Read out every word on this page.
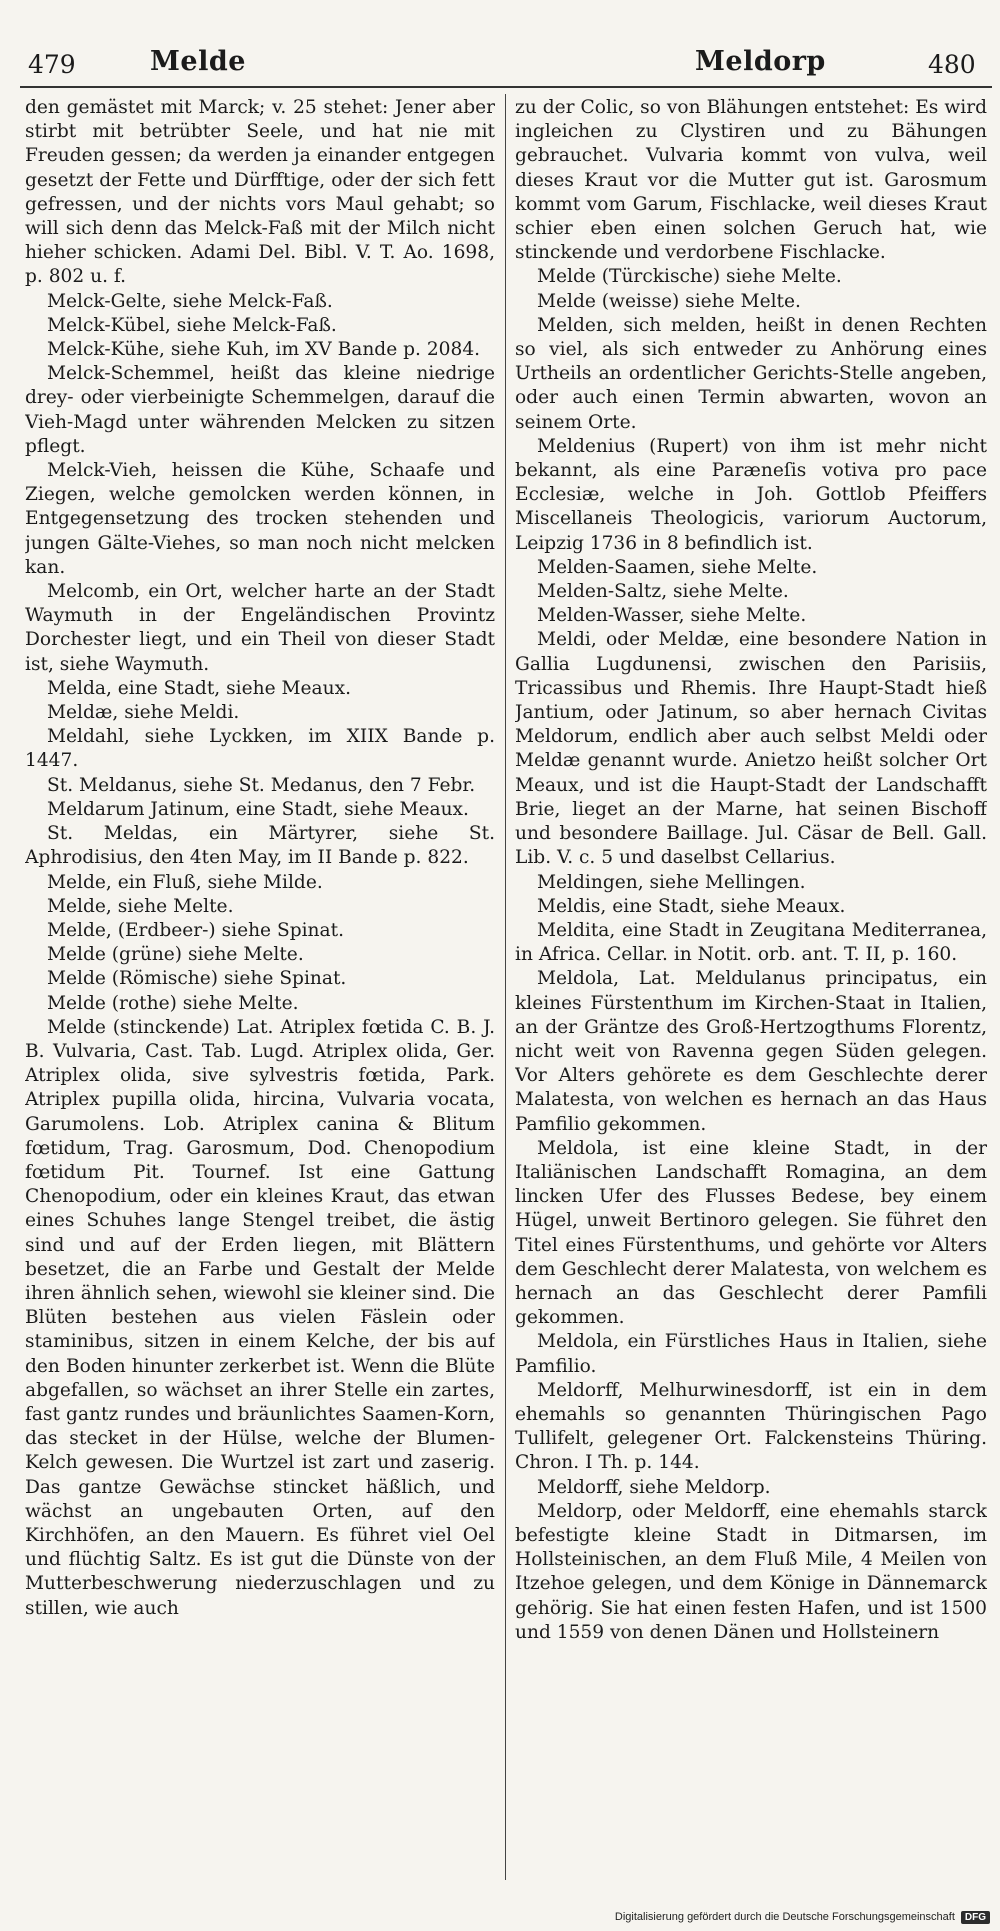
479	Melde	Meldorp	480

den gemästet mit Marck; v. 25 stehet: Jener aber stirbt mit betrübter Seele, und hat nie mit Freuden gessen; da werden ja einander entgegen gesetzt der Fette und Dürfftige, oder der sich fett gefressen, und der nichts vors Maul gehabt; so will sich denn das Melck-Faß mit der Milch nicht hieher schicken. Adami Del. Bibl. V. T. Ao. 1698, p. 802 u. f.

Melck-Gelte, siehe Melck-Faß.

Melck-Kübel, siehe Melck-Faß.

Melck-Kühe, siehe Kuh, im XV Bande p. 2084.

Melck-Schemmel, heißt das kleine niedrige drey- oder vierbeinigte Schemmelgen, darauf die Vieh-Magd unter währenden Melcken zu sitzen pflegt.

Melck-Vieh, heissen die Kühe, Schaafe und Ziegen, welche gemolcken werden können, in Entgegensetzung des trocken stehenden und jungen Gälte-Viehes, so man noch nicht melcken kan.

Melcomb, ein Ort, welcher harte an der Stadt Waymuth in der Engeländischen Provintz Dorchester liegt, und ein Theil von dieser Stadt ist, siehe Waymuth.

Melda, eine Stadt, siehe Meaux.

Meldæ, siehe Meldi.

Meldahl, siehe Lyckken, im XIIX Bande p. 1447.

St. Meldanus, siehe St. Medanus, den 7 Febr.

Meldarum Jatinum, eine Stadt, siehe Meaux.

St. Meldas, ein Märtyrer, siehe St. Aphrodisius, den 4ten May, im II Bande p. 822.

Melde, ein Fluß, siehe Milde.

Melde, siehe Melte.

Melde, (Erdbeer-) siehe Spinat.

Melde (grüne) siehe Melte.

Melde (Römische) siehe Spinat.

Melde (rothe) siehe Melte.

Melde (stinckende) Lat. Atriplex fœtida C. B. J. B. Vulvaria, Cast. Tab. Lugd. Atriplex olida, Ger. Atriplex olida, sive sylvestris fœtida, Park. Atriplex pupilla olida, hircina, Vulvaria vocata, Garumolens. Lob. Atriplex canina & Blitum fœtidum, Trag. Garosmum, Dod. Chenopodium fœtidum Pit. Tournef. Ist eine Gattung Chenopodium, oder ein kleines Kraut, das etwan eines Schuhes lange Stengel treibet, die ästig sind und auf der Erden liegen, mit Blättern besetzet, die an Farbe und Gestalt der Melde ihren ähnlich sehen, wiewohl sie kleiner sind. Die Blüten bestehen aus vielen Fäslein oder staminibus, sitzen in einem Kelche, der bis auf den Boden hinunter zerkerbet ist. Wenn die Blüte abgefallen, so wächset an ihrer Stelle ein zartes, fast gantz rundes und bräunlichtes Saamen-Korn, das stecket in der Hülse, welche der Blumen-Kelch gewesen. Die Wurtzel ist zart und zaserig. Das gantze Gewächse stincket häßlich, und wächst an ungebauten Orten, auf den Kirchhöfen, an den Mauern. Es führet viel Oel und flüchtig Saltz. Es ist gut die Dünste von der Mutterbeschwerung niederzuschlagen und zu stillen, wie auch

zu der Colic, so von Blähungen entstehet: Es wird ingleichen zu Clystiren und zu Bähungen gebrauchet. Vulvaria kommt von vulva, weil dieses Kraut vor die Mutter gut ist. Garosmum kommt vom Garum, Fischlacke, weil dieses Kraut schier eben einen solchen Geruch hat, wie stinckende und verdorbene Fischlacke.

Melde (Türckische) siehe Melte.

Melde (weisse) siehe Melte.

Melden, sich melden, heißt in denen Rechten so viel, als sich entweder zu Anhörung eines Urtheils an ordentlicher Gerichts-Stelle angeben, oder auch einen Termin abwarten, wovon an seinem Orte.

Meldenius (Rupert) von ihm ist mehr nicht bekannt, als eine Paræneſis votiva pro pace Ecclesiæ, welche in Joh. Gottlob Pfeiffers Miscellaneis Theologicis, variorum Auctorum, Leipzig 1736 in 8 befindlich ist.

Melden-Saamen, siehe Melte.

Melden-Saltz, siehe Melte.

Melden-Wasser, siehe Melte.

Meldi, oder Meldæ, eine besondere Nation in Gallia Lugdunensi, zwischen den Parisiis, Tricassibus und Rhemis. Ihre Haupt-Stadt hieß Jantium, oder Jatinum, so aber hernach Civitas Meldorum, endlich aber auch selbst Meldi oder Meldæ genannt wurde. Anietzo heißt solcher Ort Meaux, und ist die Haupt-Stadt der Landschafft Brie, lieget an der Marne, hat seinen Bischoff und besondere Baillage. Jul. Cäsar de Bell. Gall. Lib. V. c. 5 und daselbst Cellarius.

Meldingen, siehe Mellingen.

Meldis, eine Stadt, siehe Meaux.

Meldita, eine Stadt in Zeugitana Mediterranea, in Africa. Cellar. in Notit. orb. ant. T. II, p. 160.

Meldola, Lat. Meldulanus principatus, ein kleines Fürstenthum im Kirchen-Staat in Italien, an der Gräntze des Groß-Hertzogthums Florentz, nicht weit von Ravenna gegen Süden gelegen. Vor Alters gehörete es dem Geschlechte derer Malatesta, von welchen es hernach an das Haus Pamfilio gekommen.

Meldola, ist eine kleine Stadt, in der Italiänischen Landschafft Romagina, an dem lincken Ufer des Flusses Bedese, bey einem Hügel, unweit Bertinoro gelegen. Sie führet den Titel eines Fürstenthums, und gehörte vor Alters dem Geschlecht derer Malatesta, von welchem es hernach an das Geschlecht derer Pamfili gekommen.

Meldola, ein Fürstliches Haus in Italien, siehe Pamfilio.

Meldorff, Melhurwinesdorff, ist ein in dem ehemahls so genannten Thüringischen Pago Tullifelt, gelegener Ort. Falckensteins Thüring. Chron. I Th. p. 144.

Meldorff, siehe Meldorp.

Meldorp, oder Meldorff, eine ehemahls starck befestigte kleine Stadt in Ditmarsen, im Hollsteinischen, an dem Fluß Mile, 4 Meilen von Itzehoe gelegen, und dem Könige in Dännemarck gehörig. Sie hat einen festen Hafen, und ist 1500 und 1559 von denen Dänen und Hollsteinern

Digitalisierung gefördert durch die Deutsche Forschungsgemeinschaft	DFG
